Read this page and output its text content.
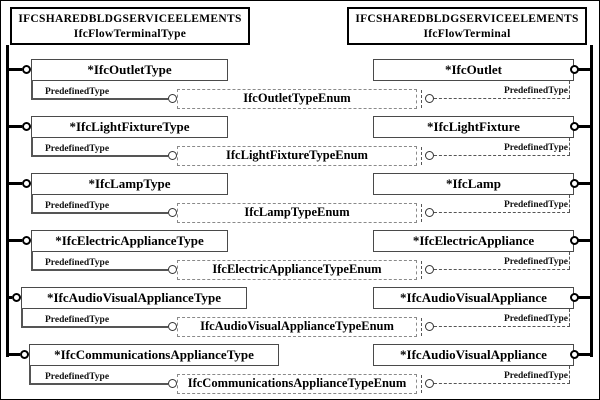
IFCSHAREDBLDGSERVICEELEMENTS
IfcFlowTerminalType
IFCSHAREDBLDGSERVICEELEMENTS
IfcFlowTerminal
*IfcOutletType	*IfcOutlet
PredefinedType	IfcOutletTypeEnum	PredefinedType
*IfcLightFixtureType	*IfcLightFixture
PredefinedType	IfcLightFixtureTypeEnum	PredefinedType
*IfcLampType	*IfcLamp
PredefinedType	IfcLampTypeEnum	PredefinedType
*IfcElectricApplianceType	*IfcElectricAppliance
PredefinedType	IfcElectricApplianceTypeEnum	PredefinedType
*IfcAudioVisualApplianceType	*IfcAudioVisualAppliance
PredefinedType	IfcAudioVisualApplianceTypeEnum	PredefinedType
*IfcCommunicationsApplianceType	*IfcAudioVisualAppliance
PredefinedType	IfcCommunicationsApplianceTypeEnum	PredefinedType
